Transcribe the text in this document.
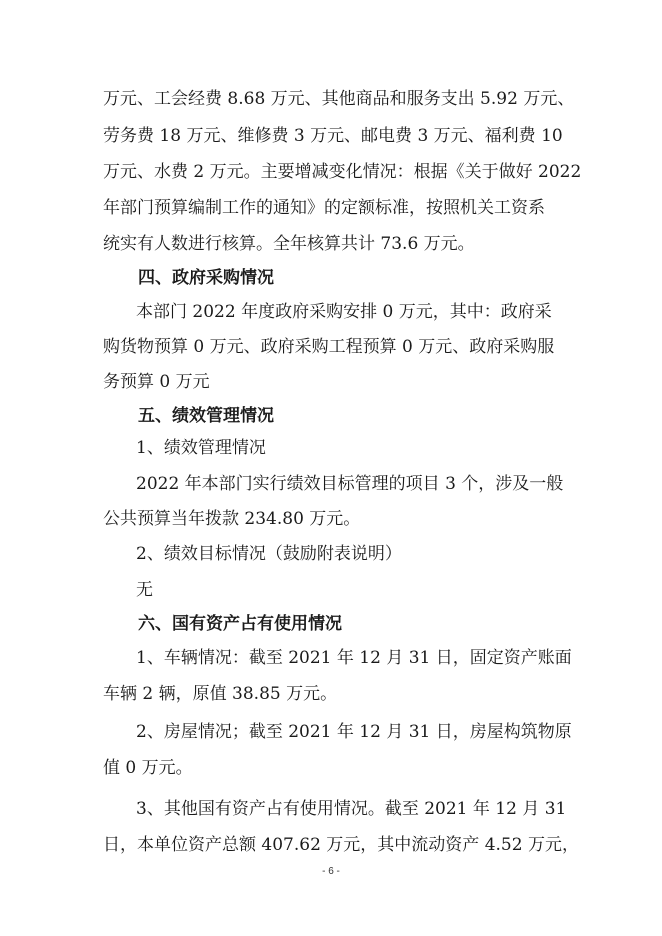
万元、工会经费 8.68 万元、其他商品和服务支出 5.92 万元、
劳务费 18 万元、维修费 3 万元、邮电费 3 万元、福利费 10
万元、水费 2 万元。主要增减变化情况：根据《关于做好 2022
年部门预算编制工作的通知》的定额标准，按照机关工资系
统实有人数进行核算。全年核算共计 73.6 万元。
四、政府采购情况
本部门 2022 年度政府采购安排 0 万元，其中：政府采
购货物预算 0 万元、政府采购工程预算 0 万元、政府采购服
务预算 0 万元
五、绩效管理情况
1、绩效管理情况
2022 年本部门实行绩效目标管理的项目 3 个，涉及一般
公共预算当年拨款 234.80 万元。
2、绩效目标情况（鼓励附表说明）
无
六、国有资产占有使用情况
1、车辆情况：截至 2021 年 12 月 31 日，固定资产账面
车辆 2 辆，原值 38.85 万元。
2、房屋情况；截至 2021 年 12 月 31 日，房屋构筑物原
值 0 万元。
3、其他国有资产占有使用情况。截至 2021 年 12 月 31
日，本单位资产总额 407.62 万元，其中流动资产 4.52 万元，
- 6 -
